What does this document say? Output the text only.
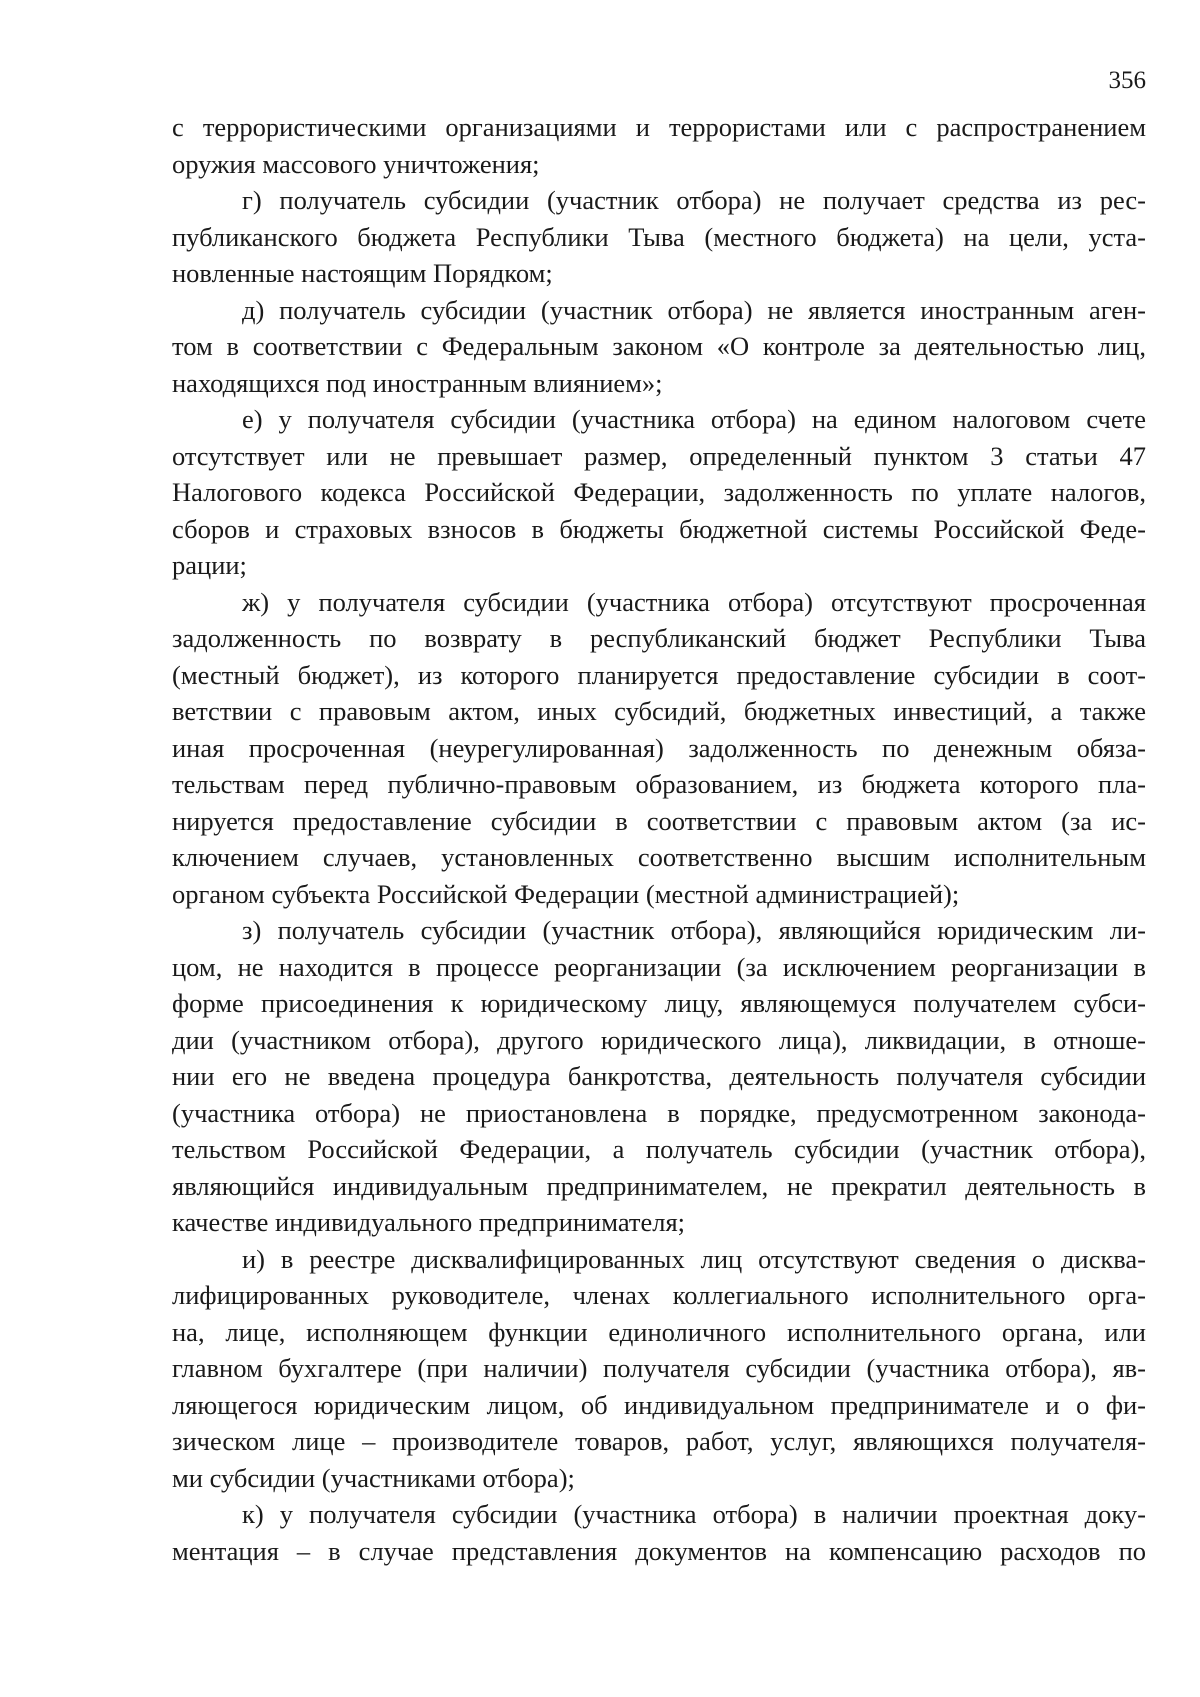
356
с террористическими организациями и террористами или с распространением
оружия массового уничтожения;
г) получатель субсидии (участник отбора) не получает средства из рес-
публиканского бюджета Республики Тыва (местного бюджета) на цели, уста-
новленные настоящим Порядком;
д) получатель субсидии (участник отбора) не является иностранным аген-
том в соответствии с Федеральным законом «О контроле за деятельностью лиц,
находящихся под иностранным влиянием»;
е) у получателя субсидии (участника отбора) на едином налоговом счете
отсутствует или не превышает размер, определенный пунктом 3 статьи 47
Налогового кодекса Российской Федерации, задолженность по уплате налогов,
сборов и страховых взносов в бюджеты бюджетной системы Российской Феде-
рации;
ж) у получателя субсидии (участника отбора) отсутствуют просроченная
задолженность по возврату в республиканский бюджет Республики Тыва
(местный бюджет), из которого планируется предоставление субсидии в соот-
ветствии с правовым актом, иных субсидий, бюджетных инвестиций, а также
иная просроченная (неурегулированная) задолженность по денежным обяза-
тельствам перед публично-правовым образованием, из бюджета которого пла-
нируется предоставление субсидии в соответствии с правовым актом (за ис-
ключением случаев, установленных соответственно высшим исполнительным
органом субъекта Российской Федерации (местной администрацией);
з) получатель субсидии (участник отбора), являющийся юридическим ли-
цом, не находится в процессе реорганизации (за исключением реорганизации в
форме присоединения к юридическому лицу, являющемуся получателем субси-
дии (участником отбора), другого юридического лица), ликвидации, в отноше-
нии его не введена процедура банкротства, деятельность получателя субсидии
(участника отбора) не приостановлена в порядке, предусмотренном законода-
тельством Российской Федерации, а получатель субсидии (участник отбора),
являющийся индивидуальным предпринимателем, не прекратил деятельность в
качестве индивидуального предпринимателя;
и) в реестре дисквалифицированных лиц отсутствуют сведения о дисква-
лифицированных руководителе, членах коллегиального исполнительного орга-
на, лице, исполняющем функции единоличного исполнительного органа, или
главном бухгалтере (при наличии) получателя субсидии (участника отбора), яв-
ляющегося юридическим лицом, об индивидуальном предпринимателе и о фи-
зическом лице – производителе товаров, работ, услуг, являющихся получателя-
ми субсидии (участниками отбора);
к) у получателя субсидии (участника отбора) в наличии проектная доку-
ментация – в случае представления документов на компенсацию расходов по
